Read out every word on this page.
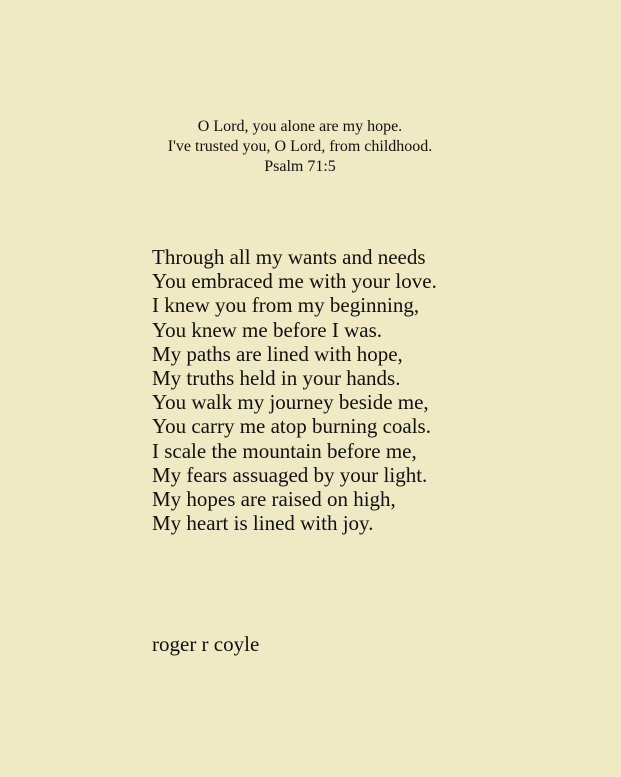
O Lord, you alone are my hope.
I've trusted you, O Lord, from childhood.
Psalm 71:5
Through all my wants and needs
You embraced me with your love.
I knew you from my beginning,
You knew me before I was.
My paths are lined with hope,
My truths held in your hands.
You walk my journey beside me,
You carry me atop burning coals.
I scale the mountain before me,
My fears assuaged by your light.
My hopes are raised on high,
My heart is lined with joy.
roger r coyle
